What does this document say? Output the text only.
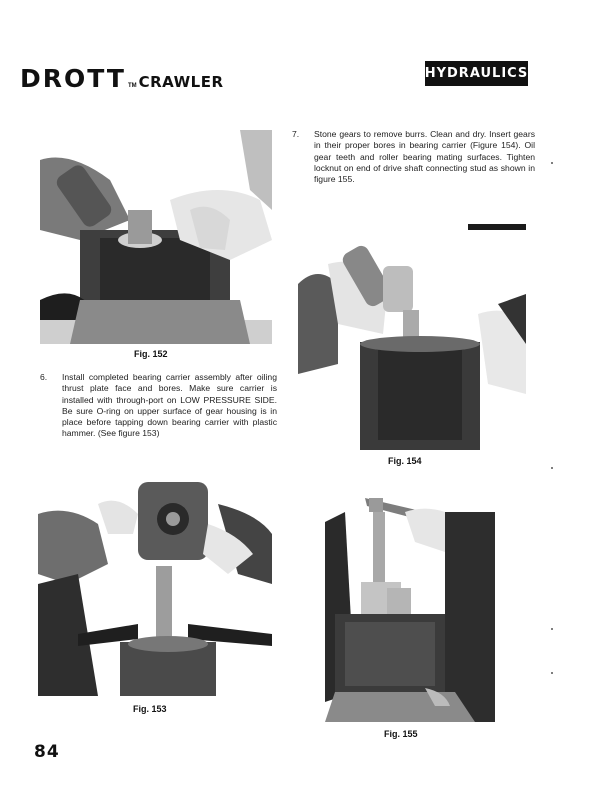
DROTT TM CRAWLER	HYDRAULICS
Fig. 152
6. Install completed bearing carrier assembly after oiling thrust plate face and bores. Make sure carrier is installed with through-port on LOW PRESSURE SIDE. Be sure O-ring on upper surface of gear housing is in place before tapping down bearing carrier with plastic hammer. (See figure 153)
Fig. 153
7. Stone gears to remove burrs. Clean and dry. Insert gears in their proper bores in bearing carrier (Figure 154). Oil gear teeth and roller bearing mating surfaces. Tighten locknut on end of drive shaft connecting stud as shown in figure 155.
Fig. 154
Fig. 155
84
